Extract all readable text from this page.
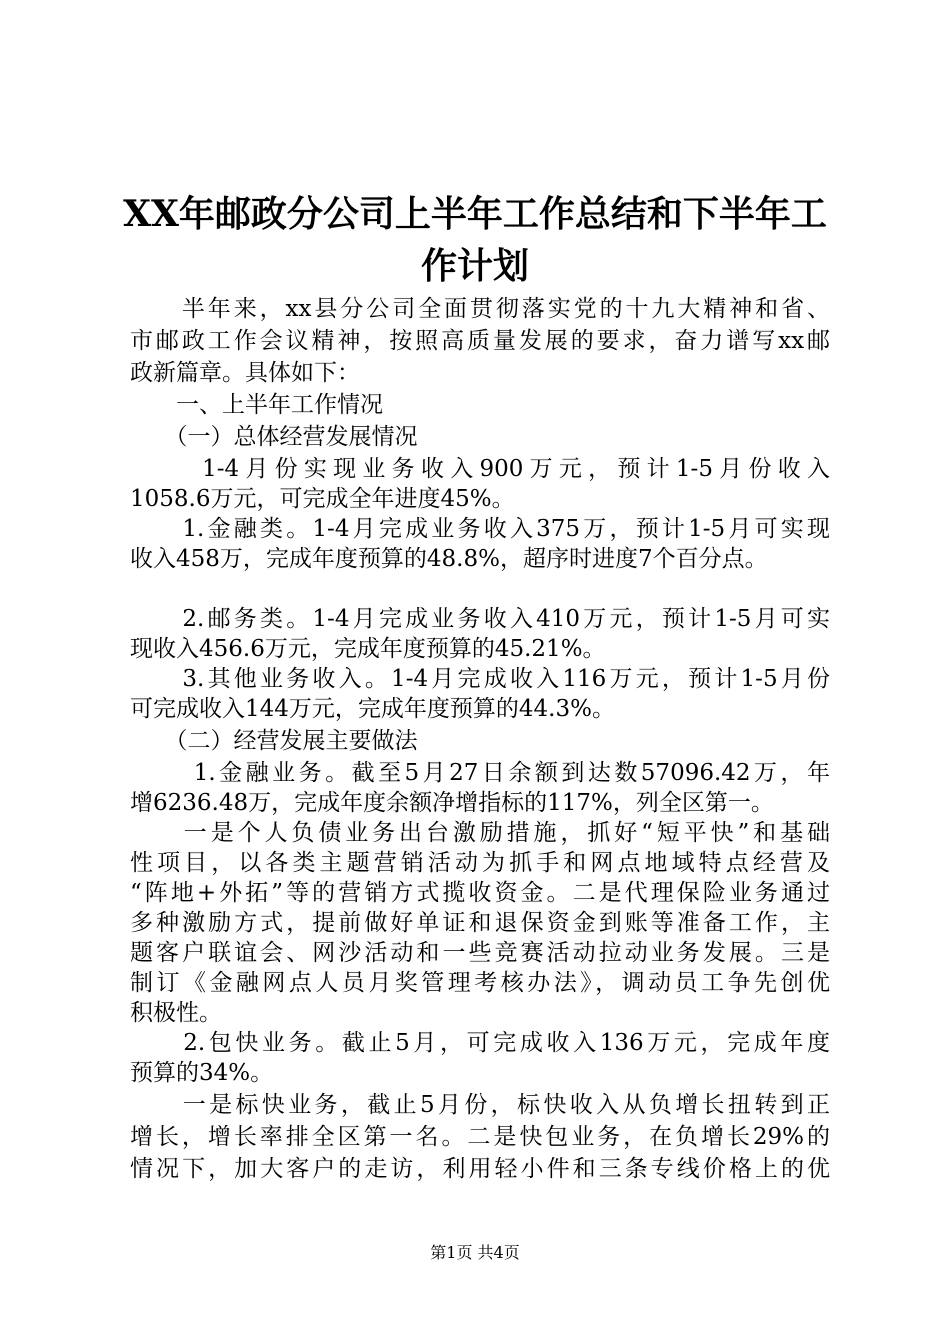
XX年邮政分公司上半年工作总结和下半年工
作计划
　　半年来，xx县分公司全面贯彻落实党的十九大精神和省、
市邮政工作会议精神，按照高质量发展的要求，奋力谱写xx邮
政新篇章。具体如下：
　　一、上半年工作情况
　　（一）总体经营发展情况
　　 1-4月份实现业务收入900万元，预计1-5月份收入
1058.6万元，可完成全年进度45%。
　　1.金融类。1-4月完成业务收入375万，预计1-5月可实现
收入458万，完成年度预算的48.8%，超序时进度7个百分点。
　　2.邮务类。1-4月完成业务收入410万元，预计1-5月可实
现收入456.6万元，完成年度预算的45.21%。
　　3.其他业务收入。1-4月完成收入116万元，预计1-5月份
可完成收入144万元，完成年度预算的44.3%。
　　（二）经营发展主要做法
　　 1.金融业务。截至5月27日余额到达数57096.42万，年
增6236.48万，完成年度余额净增指标的117%，列全区第一。
　　一是个人负债业务出台激励措施，抓好“短平快”和基础
性项目，以各类主题营销活动为抓手和网点地域特点经营及
“阵地+外拓”等的营销方式揽收资金。二是代理保险业务通过
多种激励方式，提前做好单证和退保资金到账等准备工作，主
题客户联谊会、网沙活动和一些竞赛活动拉动业务发展。三是
制订《金融网点人员月奖管理考核办法》，调动员工争先创优
积极性。
　　2.包快业务。截止5月，可完成收入136万元，完成年度
预算的34%。
　　一是标快业务，截止5月份，标快收入从负增长扭转到正
增长，增长率排全区第一名。二是快包业务，在负增长29%的
情况下，加大客户的走访，利用轻小件和三条专线价格上的优
第1页 共4页
